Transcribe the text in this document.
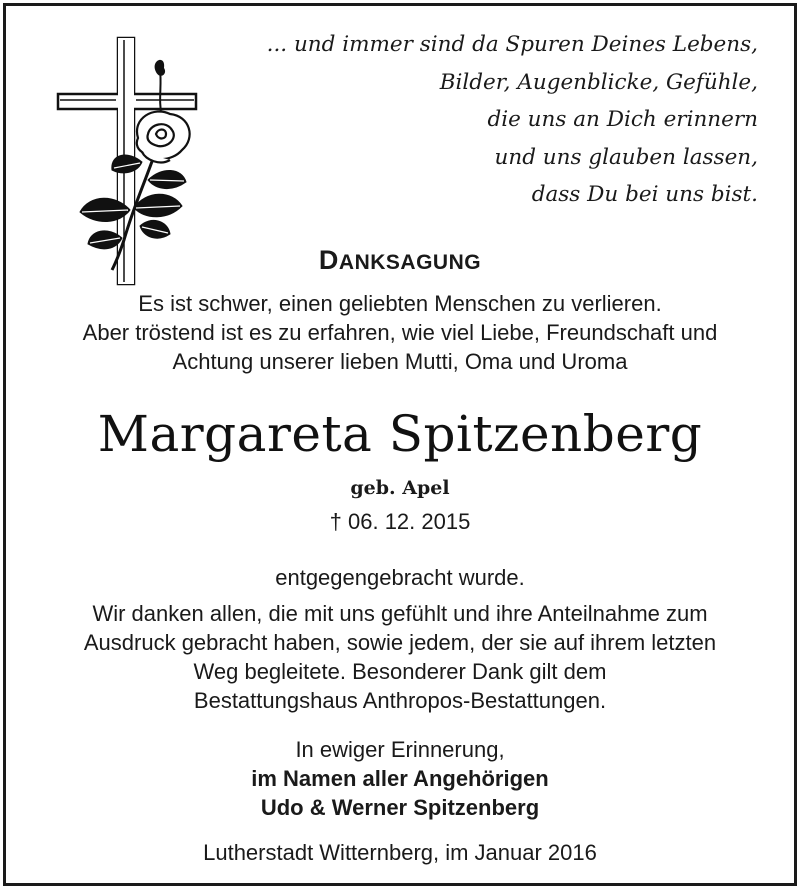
... und immer sind da Spuren Deines Lebens,
Bilder, Augenblicke, Gefühle,
die uns an Dich erinnern
und uns glauben lassen,
dass Du bei uns bist.
DANKSAGUNG
Es ist schwer, einen geliebten Menschen zu verlieren.
Aber tröstend ist es zu erfahren, wie viel Liebe, Freundschaft und
Achtung unserer lieben Mutti, Oma und Uroma
Margareta Spitzenberg
geb. Apel
† 06. 12. 2015
entgegengebracht wurde.
Wir danken allen, die mit uns gefühlt und ihre Anteilnahme zum
Ausdruck gebracht haben, sowie jedem, der sie auf ihrem letzten
Weg begleitete. Besonderer Dank gilt dem
Bestattungshaus Anthropos-Bestattungen.
In ewiger Erinnerung,
im Namen aller Angehörigen
Udo & Werner Spitzenberg
Lutherstadt Witternberg, im Januar 2016
